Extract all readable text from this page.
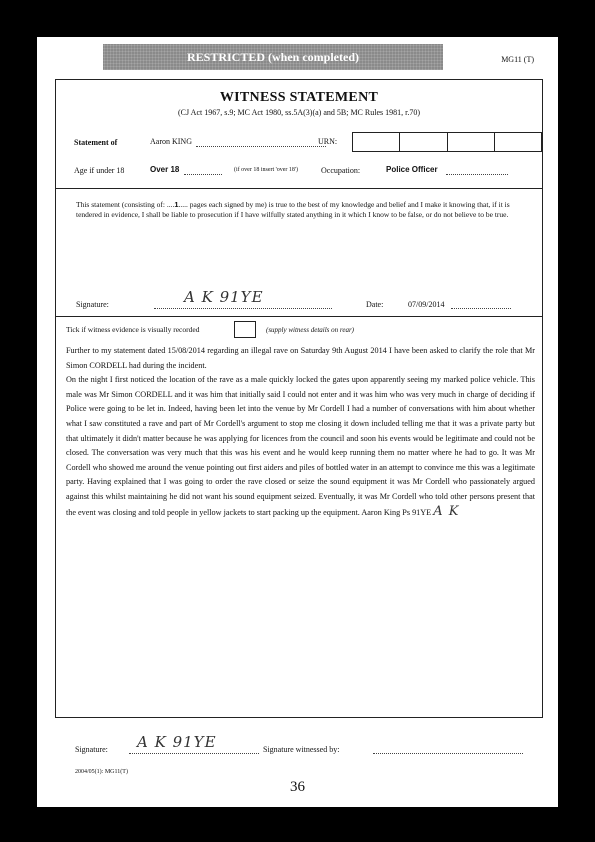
RESTRICTED (when completed)	MG11 (T)
WITNESS STATEMENT
(CJ Act 1967, s.9; MC Act 1980, ss.5A(3)(a) and 5B; MC Rules 1981, r.70)
Statement of	Aaron KING	URN:
Age if under 18	Over 18	(if over 18 insert 'over 18')	Occupation:	Police Officer
This statement (consisting of: ....1..... pages each signed by me) is true to the best of my knowledge and belief and I make it knowing that, if it is tendered in evidence, I shall be liable to prosecution if I have wilfully stated anything in it which I know to be false, or do not believe to be true.
Signature:	A K 91YE	Date:	07/09/2014
Tick if witness evidence is visually recorded	(supply witness details on rear)

Further to my statement dated 15/08/2014 regarding an illegal rave on Saturday 9th August 2014 I have been asked to clarify the role that Mr Simon CORDELL had during the incident.

On the night I first noticed the location of the rave as a male quickly locked the gates upon apparently seeing my marked police vehicle. This male was Mr Simon CORDELL and it was him that initially said I could not enter and it was him who was very much in charge of deciding if Police were going to be let in. Indeed, having been let into the venue by Mr Cordell I had a number of conversations with him about whether what I saw constituted a rave and part of Mr Cordell's argument to stop me closing it down included telling me that it was a private party but that ultimately it didn't matter because he was applying for licences from the council and soon his events would be legitimate and could not be closed. The conversation was very much that this was his event and he would keep running them no matter where he had to go. It was Mr Cordell who showed me around the venue pointing out first aiders and piles of bottled water in an attempt to convince me this was a legitimate party. Having explained that I was going to order the rave closed or seize the sound equipment it was Mr Cordell who passionately argued against this whilst maintaining he did not want his sound equipment seized. Eventually, it was Mr Cordell who told other persons present that the event was closing and told people in yellow jackets to start packing up the equipment. Aaron King Ps 91YE A K

Signature: A K 91YE	Signature witnessed by:
2004/05(1): MG11(T)
36
